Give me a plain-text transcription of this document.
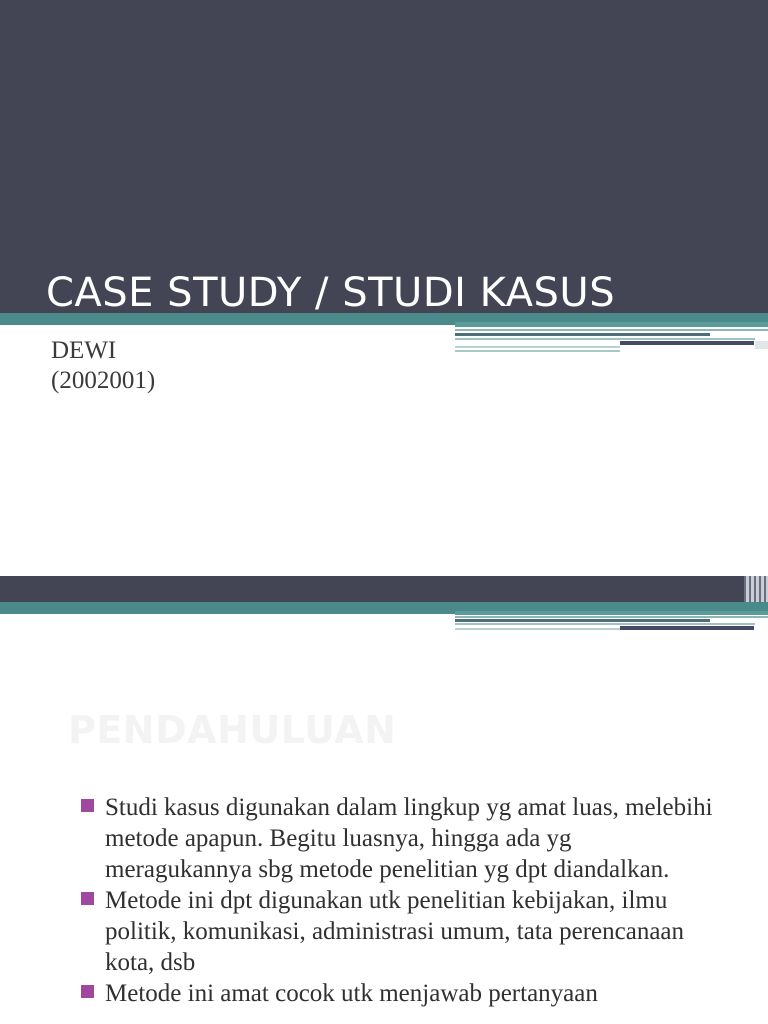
CASE STUDY / STUDI KASUS
DEWI
(2002001)
PENDAHULUAN
Studi kasus digunakan dalam lingkup yg amat luas, melebihi metode apapun. Begitu luasnya, hingga ada yg meragukannya sbg metode penelitian yg dpt diandalkan.
Metode ini dpt digunakan utk penelitian kebijakan, ilmu politik, komunikasi, administrasi umum, tata perencanaan kota, dsb
Metode ini amat cocok utk menjawab pertanyaan
